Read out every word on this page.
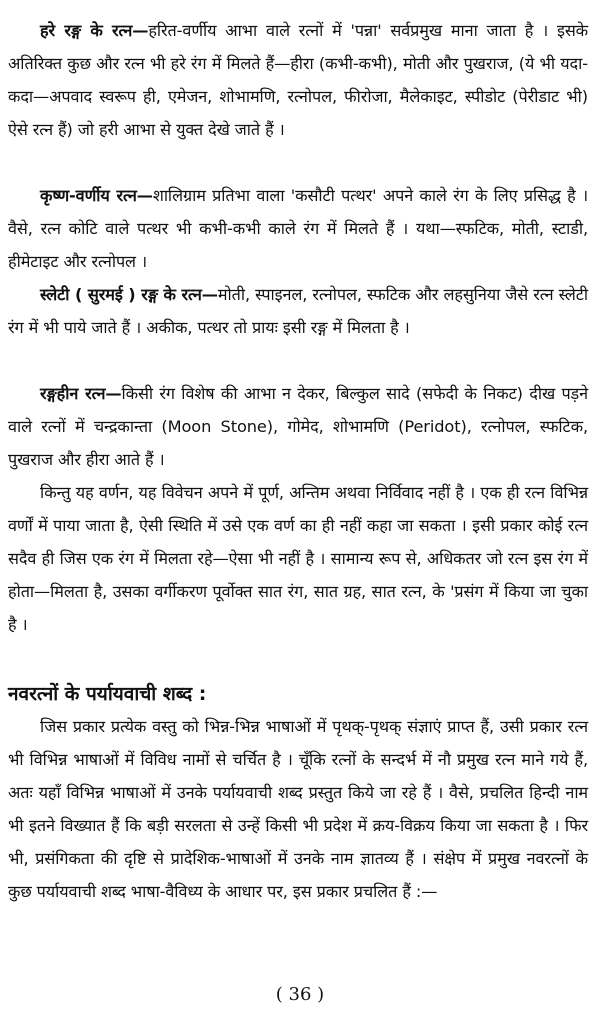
हरे रङ्ग के रत्न—हरित-वर्णीय आभा वाले रत्नों में 'पन्ना' सर्वप्रमुख माना जाता है । इसके अतिरिक्त कुछ और रत्न भी हरे रंग में मिलते हैं—हीरा (कभी-कभी), मोती और पुखराज, (ये भी यदा-कदा—अपवाद स्वरूप ही, एमेजन, शोभामणि, रत्नोपल, फीरोजा, मैलेकाइट, स्पीडोट (पेरीडाट भी) ऐसे रत्न हैं) जो हरी आभा से युक्त देखे जाते हैं ।

कृष्ण-वर्णीय रत्न—शालिग्राम प्रतिभा वाला 'कसौटी पत्थर' अपने काले रंग के लिए प्रसिद्ध है । वैसे, रत्न कोटि वाले पत्थर भी कभी-कभी काले रंग में मिलते हैं । यथा—स्फटिक, मोती, स्टाडी, हीमेटाइट और रत्नोपल ।

स्लेटी ( सुरमई ) रङ्ग के रत्न—मोती, स्पाइनल, रत्नोपल, स्फटिक और लहसुनिया जैसे रत्न स्लेटी रंग में भी पाये जाते हैं । अकीक, पत्थर तो प्रायः इसी रङ्ग में मिलता है ।

रङ्गहीन रत्न—किसी रंग विशेष की आभा न देकर, बिल्कुल सादे (सफेदी के निकट) दीख पड़ने वाले रत्नों में चन्द्रकान्ता (Moon Stone), गोमेद, शोभामणि (Peridot), रत्नोपल, स्फटिक, पुखराज और हीरा आते हैं ।

किन्तु यह वर्णन, यह विवेचन अपने में पूर्ण, अन्तिम अथवा निर्विवाद नहीं है । एक ही रत्न विभिन्न वर्णों में पाया जाता है, ऐसी स्थिति में उसे एक वर्ण का ही नहीं कहा जा सकता । इसी प्रकार कोई रत्न सदैव ही जिस एक रंग में मिलता रहे—ऐसा भी नहीं है । सामान्य रूप से, अधिकतर जो रत्न इस रंग में होता—मिलता है, उसका वर्गीकरण पूर्वोक्त सात रंग, सात ग्रह, सात रत्न, के 'प्रसंग में किया जा चुका है ।

नवरत्नों के पर्यायवाची शब्द :

जिस प्रकार प्रत्येक वस्तु को भिन्न-भिन्न भाषाओं में पृथक्-पृथक् संज्ञाएं प्राप्त हैं, उसी प्रकार रत्न भी विभिन्न भाषाओं में विविध नामों से चर्चित है । चूँकि रत्नों के सन्दर्भ में नौ प्रमुख रत्न माने गये हैं, अतः यहाँ विभिन्न भाषाओं में उनके पर्यायवाची शब्द प्रस्तुत किये जा रहे हैं । वैसे, प्रचलित हिन्दी नाम भी इतने विख्यात हैं कि बड़ी सरलता से उन्हें किसी भी प्रदेश में क्रय-विक्रय किया जा सकता है । फिर भी, प्रसंगिकता की दृष्टि से प्रादेशिक-भाषाओं में उनके नाम ज्ञातव्य हैं । संक्षेप में प्रमुख नवरत्नों के कुछ पर्यायवाची शब्द भाषा-वैविध्य के आधार पर, इस प्रकार प्रचलित हैं :—

( 36 )
